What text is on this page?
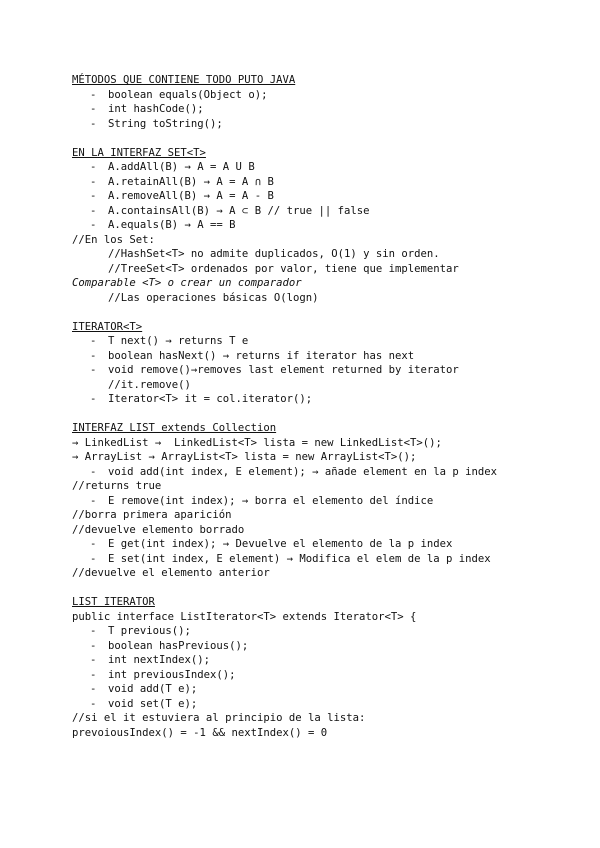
MÉTODOS QUE CONTIENE TODO PUTO JAVA
- boolean equals(Object o);
- int hashCode();
- String toString();
EN LA INTERFAZ SET<T>
- A.addAll(B) → A = A U B
- A.retainAll(B) → A = A ∩ B
- A.removeAll(B) → A = A - B
- A.containsAll(B) → A ⊂ B // true || false
- A.equals(B) → A == B
//En los Set:
//HashSet<T> no admite duplicados, O(1) y sin orden.
//TreeSet<T> ordenados por valor, tiene que implementar
Comparable <T> o crear un comparador
//Las operaciones básicas O(logn)
ITERATOR<T>
- T next() → returns T e
- boolean hasNext() → returns if iterator has next
- void remove()→removes last element returned by iterator
//it.remove()
- Iterator<T> it = col.iterator();
INTERFAZ LIST extends Collection
→ LinkedList →  LinkedList<T> lista = new LinkedList<T>();
→ ArrayList → ArrayList<T> lista = new ArrayList<T>();
- void add(int index, E element); → añade element en la p index
//returns true
- E remove(int index); → borra el elemento del índice
//borra primera aparición
//devuelve elemento borrado
- E get(int index); → Devuelve el elemento de la p index
- E set(int index, E element) → Modifica el elem de la p index
//devuelve el elemento anterior
LIST ITERATOR
public interface ListIterator<T> extends Iterator<T> {
- T previous();
- boolean hasPrevious();
- int nextIndex();
- int previousIndex();
- void add(T e);
- void set(T e);
//si el it estuviera al principio de la lista:
prevoiousIndex() = -1 && nextIndex() = 0
